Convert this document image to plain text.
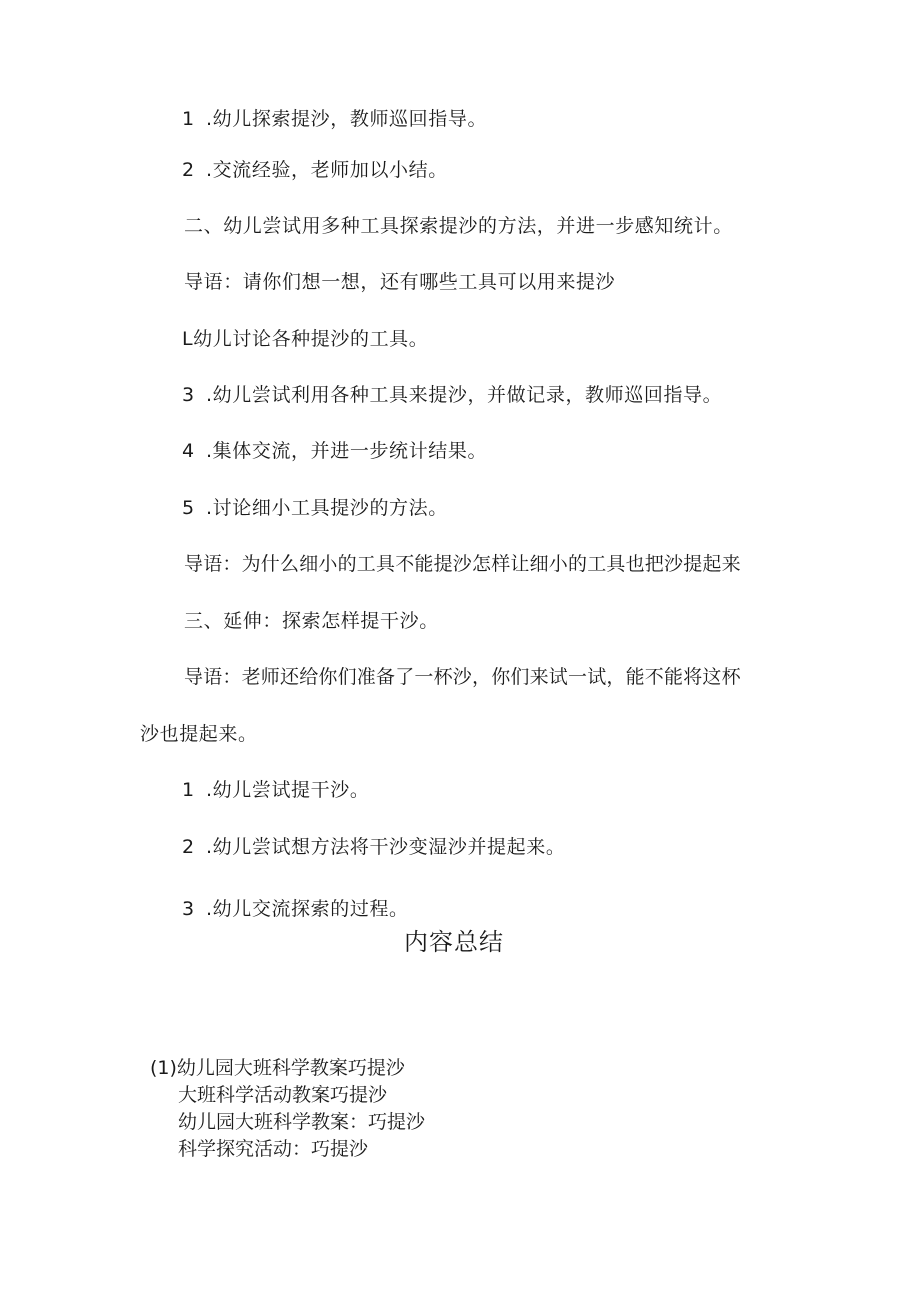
1 .幼儿探索提沙，教师巡回指导。
2 .交流经验，老师加以小结。
二、幼儿尝试用多种工具探索提沙的方法，并进一步感知统计。
导语：请你们想一想，还有哪些工具可以用来提沙
L幼儿讨论各种提沙的工具。
3 .幼儿尝试利用各种工具来提沙，并做记录，教师巡回指导。
4 .集体交流，并进一步统计结果。
5 .讨论细小工具提沙的方法。
导语：为什么细小的工具不能提沙怎样让细小的工具也把沙提起来
三、延伸：探索怎样提干沙。
导语：老师还给你们准备了一杯沙，你们来试一试，能不能将这杯
沙也提起来。
1 .幼儿尝试提干沙。
2 .幼儿尝试想方法将干沙变湿沙并提起来。
3 .幼儿交流探索的过程。
内容总结
(1)幼儿园大班科学教案巧提沙
大班科学活动教案巧提沙
幼儿园大班科学教案：巧提沙
科学探究活动：巧提沙
